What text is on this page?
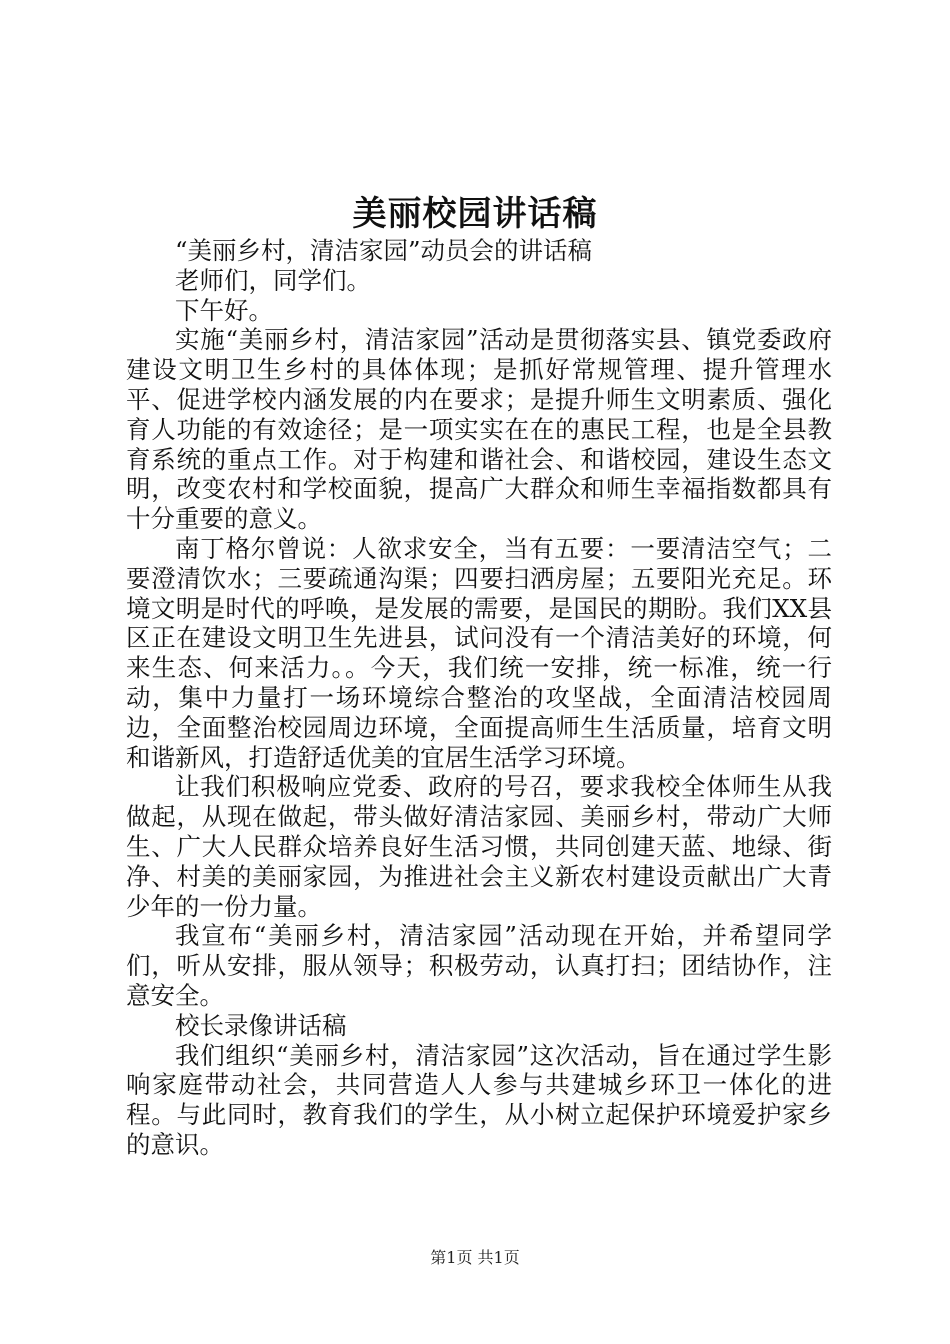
美丽校园讲话稿

“美丽乡村，清洁家园”动员会的讲话稿

老师们，同学们。

下午好。

实施“美丽乡村，清洁家园”活动是贯彻落实县、镇党委政府建设文明卫生乡村的具体体现；是抓好常规管理、提升管理水平、促进学校内涵发展的内在要求；是提升师生文明素质、强化育人功能的有效途径；是一项实实在在的惠民工程，也是全县教育系统的重点工作。对于构建和谐社会、和谐校园，建设生态文明，改变农村和学校面貌，提高广大群众和师生幸福指数都具有十分重要的意义。

南丁格尔曾说：人欲求安全，当有五要：一要清洁空气；二要澄清饮水；三要疏通沟渠；四要扫洒房屋；五要阳光充足。环境文明是时代的呼唤，是发展的需要，是国民的期盼。我们XX县区正在建设文明卫生先进县，试问没有一个清洁美好的环境，何来生态、何来活力。。今天，我们统一安排，统一标准，统一行动，集中力量打一场环境综合整治的攻坚战，全面清洁校园周边，全面整治校园周边环境，全面提高师生生活质量，培育文明和谐新风，打造舒适优美的宜居生活学习环境。

让我们积极响应党委、政府的号召，要求我校全体师生从我做起，从现在做起，带头做好清洁家园、美丽乡村，带动广大师生、广大人民群众培养良好生活习惯，共同创建天蓝、地绿、街净、村美的美丽家园，为推进社会主义新农村建设贡献出广大青少年的一份力量。

我宣布“美丽乡村，清洁家园”活动现在开始，并希望同学们，听从安排，服从领导；积极劳动，认真打扫；团结协作，注意安全。

校长录像讲话稿

我们组织“美丽乡村，清洁家园”这次活动，旨在通过学生影响家庭带动社会，共同营造人人参与共建城乡环卫一体化的进程。与此同时，教育我们的学生，从小树立起保护环境爱护家乡的意识。

第1页 共1页
